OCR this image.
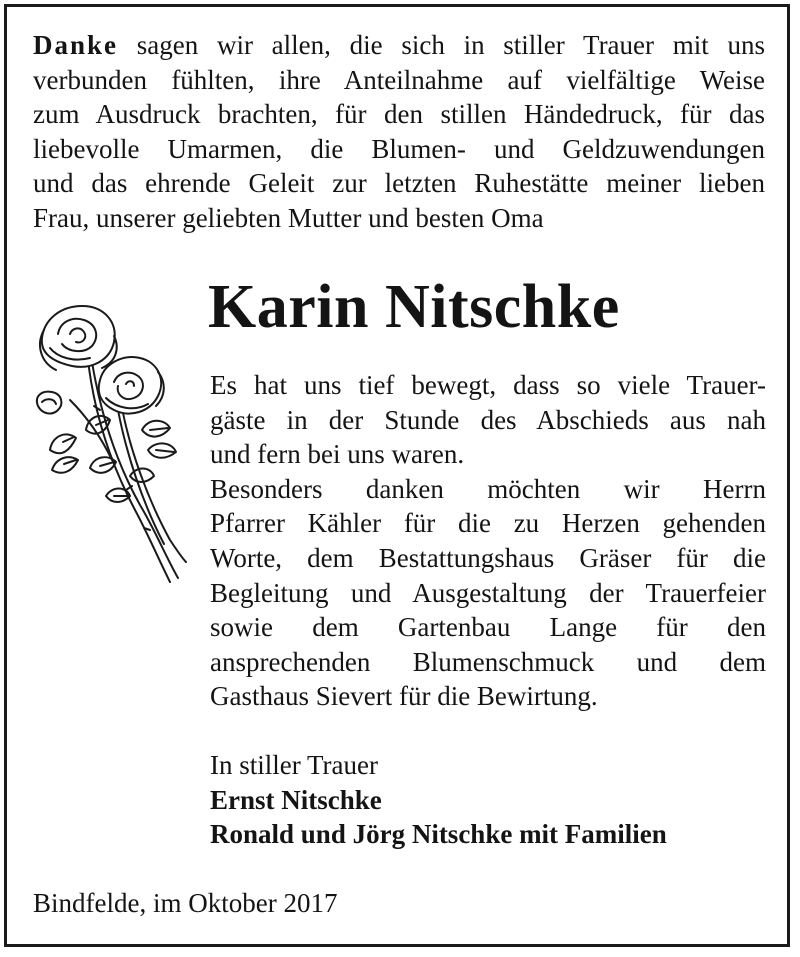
Danke sagen wir allen, die sich in stiller Trauer mit uns
verbunden fühlten, ihre Anteilnahme auf vielfältige Weise
zum Ausdruck brachten, für den stillen Händedruck, für das
liebevolle Umarmen, die Blumen- und Geldzuwendungen
und das ehrende Geleit zur letzten Ruhestätte meiner lieben
Frau, unserer geliebten Mutter und besten Oma
Karin Nitschke
Es hat uns tief bewegt, dass so viele Trauer-
gäste in der Stunde des Abschieds aus nah
und fern bei uns waren.
Besonders danken möchten wir Herrn
Pfarrer Kähler für die zu Herzen gehenden
Worte, dem Bestattungshaus Gräser für die
Begleitung und Ausgestaltung der Trauerfeier
sowie dem Gartenbau Lange für den
ansprechenden Blumenschmuck und dem
Gasthaus Sievert für die Bewirtung.
In stiller Trauer
Ernst Nitschke
Ronald und Jörg Nitschke mit Familien
Bindfelde, im Oktober 2017
